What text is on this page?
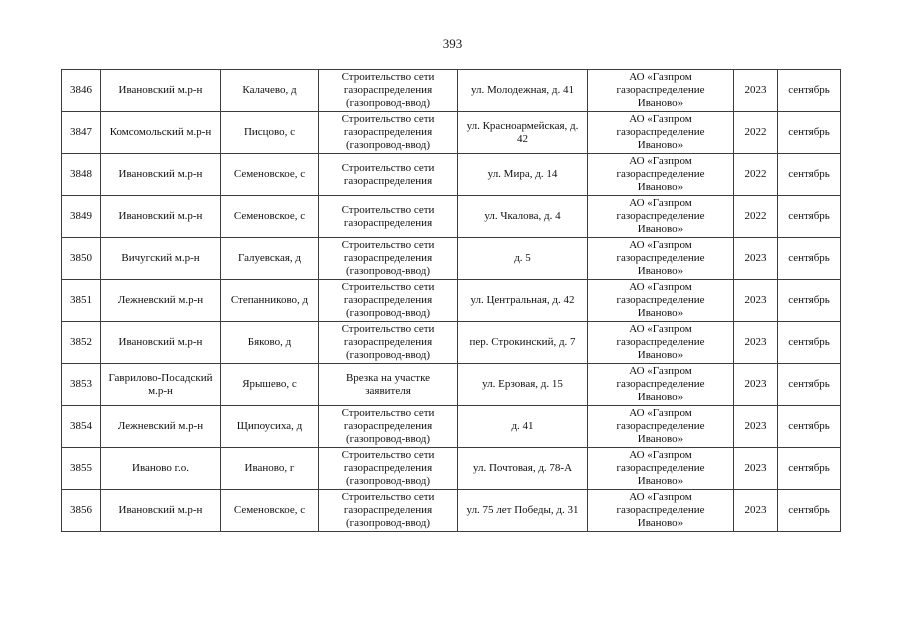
393
3846	Ивановский м.р-н	Калачево, д	Строительство сети газораспределения (газопровод-ввод)	ул. Молодежная, д. 41	АО «Газпром газораспределение Иваново»	2023	сентябрь
3847	Комсомольский м.р-н	Писцово, с	Строительство сети газораспределения (газопровод-ввод)	ул. Красноармейская, д. 42	АО «Газпром газораспределение Иваново»	2022	сентябрь
3848	Ивановский м.р-н	Семеновское, с	Строительство сети газораспределения	ул. Мира, д. 14	АО «Газпром газораспределение Иваново»	2022	сентябрь
3849	Ивановский м.р-н	Семеновское, с	Строительство сети газораспределения	ул. Чкалова, д. 4	АО «Газпром газораспределение Иваново»	2022	сентябрь
3850	Вичугский м.р-н	Галуевская, д	Строительство сети газораспределения (газопровод-ввод)	д. 5	АО «Газпром газораспределение Иваново»	2023	сентябрь
3851	Лежневский м.р-н	Степанниково, д	Строительство сети газораспределения (газопровод-ввод)	ул. Центральная, д. 42	АО «Газпром газораспределение Иваново»	2023	сентябрь
3852	Ивановский м.р-н	Бяково, д	Строительство сети газораспределения (газопровод-ввод)	пер. Строкинский, д. 7	АО «Газпром газораспределение Иваново»	2023	сентябрь
3853	Гаврилово-Посадский м.р-н	Ярышево, с	Врезка на участке заявителя	ул. Ерзовая, д. 15	АО «Газпром газораспределение Иваново»	2023	сентябрь
3854	Лежневский м.р-н	Щипоусиха, д	Строительство сети газораспределения (газопровод-ввод)	д. 41	АО «Газпром газораспределение Иваново»	2023	сентябрь
3855	Иваново г.о.	Иваново, г	Строительство сети газораспределения (газопровод-ввод)	ул. Почтовая, д. 78-А	АО «Газпром газораспределение Иваново»	2023	сентябрь
3856	Ивановский м.р-н	Семеновское, с	Строительство сети газораспределения (газопровод-ввод)	ул. 75 лет Победы, д. 31	АО «Газпром газораспределение Иваново»	2023	сентябрь
